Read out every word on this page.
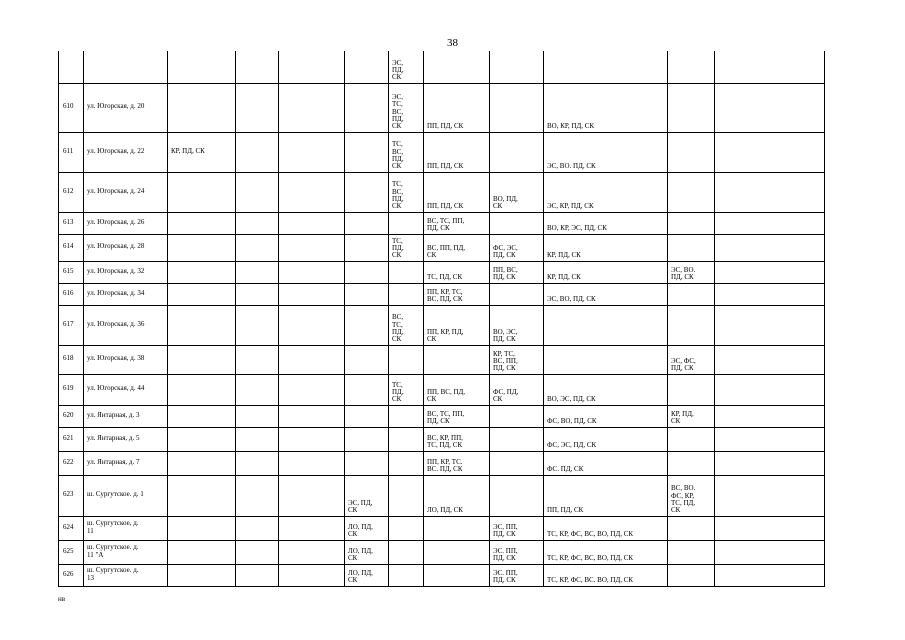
38
						ЭС,
ПД,
СК					
610	ул. Югорская, д. 20					ЭС,
ТС,
ВС,
ПД,
СК	ПП, ПД, СК		ВО, КР, ПД, СК		
611	ул. Югорская, д. 22	КР, ПД, СК				ТС,
ВС,
ПД,
СК	ПП, ПД, СК		ЭС, ВО. ПД, СК		
612	ул. Югорская, д. 24					ТС,
ВС,
ПД,
СК	ПП, ПД, СК	ВО, ПД,
СК	ЭС, КР, ПД, СК		
613	ул. Югорская, д. 26						ВС, ТС, ПП,
ПД, СК		ВО, КР, ЭС, ПД, СК		
614	ул. Югорская, д. 28					ТС,
ПД,
СК	ВС, ПП, ПД,
СК	ФС, ЭС,
ПД, СК	КР, ПД, СК		
615	ул. Югорская, д. 32						ТС, ПД, СК	ПП, ВС,
ПД, СК	КР, ПД, СК	ЭС, ВО.
ПД, СК	
616	ул. Югорская, д. 34						ПП, КР, ТС,
ВС, ПД, СК		ЭС, ВО, ПД, СК		
617	ул. Югорская, д. 36					ВС,
ТС,
ПД,
СК	ПП, КР, ПД,
СК	ВО, ЭС,
ПД, СК			
618	ул. Югорская, д. 38							КР, ТС,
ВС, ПП,
ПД, СК		ЭС, ФС,
ПД, СК	
619	ул. Югорская, д. 44					ТС,
ПД,
СК	ПП, ВС, ПД,
СК	ФС, ПД,
СК	ВО, ЭС, ПД, СК		
620	ул. Янтарная, д. 3						ВС, ТС, ПП,
ПД, СК		ФС, ВО, ПД, СК	КР, ПД,
СК	
621	ул. Янтарная, д. 5						ВС, КР, ПП,
ТС, ПД, СК		ФС, ЭС, ПД, СК		
622	ул. Янтарная, д. 7						ПП, КР, ТС.
ВС. ПД, СК		ФС. ПД, СК		
623	ш. Сургутское. д. 1				ЭС, ПД,
СК		ЛО, ПД, СК		ПП, ПД, СК	ВС, ВО.
ФС, КР,
ТС, ПД,
СК	
624	ш. Сургутское, д.
11				ЛО, ПД,
СК			ЭС, ПП,
ПД, СК	ТС, КР, ФС, ВС, ВО, ПД, СК		
625	ш. Сургутское. д.
11 "А				ЛО, ПД,
СК			ЭС. ПП,
ПД, СК	ТС, КР, ФС, ВС, ВО, ПД, СК		
626	ш. Сургутское. д.
13				ЛО, ПД,
СК			ЭС. ПП,
ПД, СК	ТС, КР, ФС, ВС. ВО, ПД, СК		
нв
